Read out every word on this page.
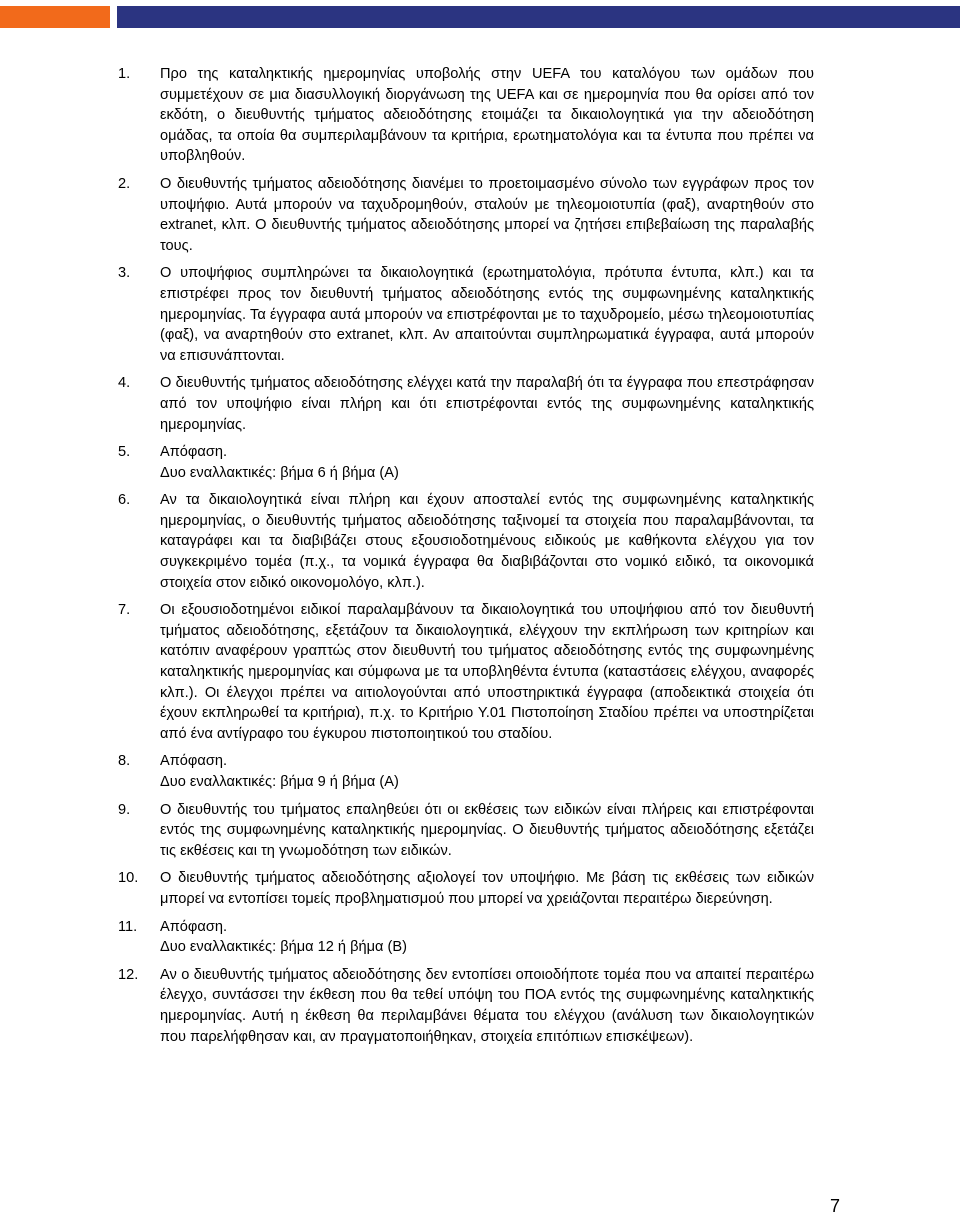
1.	Προ της καταληκτικής ημερομηνίας υποβολής στην UEFA του καταλόγου των ομάδων που συμμετέχουν σε μια διασυλλογική διοργάνωση της UEFA και σε ημερομηνία που θα ορίσει από τον εκδότη, ο διευθυντής τμήματος αδειοδότησης ετοιμάζει τα δικαιολογητικά για την αδειοδότηση ομάδας, τα οποία θα συμπεριλαμβάνουν τα κριτήρια, ερωτηματολόγια και τα έντυπα που πρέπει να υποβληθούν.
2.	Ο διευθυντής τμήματος αδειοδότησης διανέμει το προετοιμασμένο σύνολο των εγγράφων προς τον υποψήφιο. Αυτά μπορούν να ταχυδρομηθούν, σταλούν με τηλεομοιοτυπία (φαξ), αναρτηθούν στο extranet, κλπ. Ο διευθυντής τμήματος αδειοδότησης μπορεί να ζητήσει επιβεβαίωση της παραλαβής τους.
3.	Ο υποψήφιος συμπληρώνει τα δικαιολογητικά (ερωτηματολόγια, πρότυπα έντυπα, κλπ.) και τα επιστρέφει προς τον διευθυντή τμήματος αδειοδότησης εντός της συμφωνημένης καταληκτικής ημερομηνίας. Τα έγγραφα αυτά μπορούν να επιστρέφονται με το ταχυδρομείο, μέσω τηλεομοιοτυπίας (φαξ), να αναρτηθούν στο extranet, κλπ. Αν απαιτούνται συμπληρωματικά έγγραφα, αυτά μπορούν να επισυνάπτονται.
4.	Ο διευθυντής τμήματος αδειοδότησης ελέγχει κατά την παραλαβή ότι τα έγγραφα που επεστράφησαν από τον υποψήφιο είναι πλήρη και ότι επιστρέφονται εντός της συμφωνημένης καταληκτικής ημερομηνίας.
5.	Απόφαση.
Δυο εναλλακτικές: βήμα 6 ή βήμα (Α)
6.	Αν τα δικαιολογητικά είναι πλήρη και έχουν αποσταλεί εντός της συμφωνημένης καταληκτικής ημερομηνίας, ο διευθυντής τμήματος αδειοδότησης ταξινομεί τα στοιχεία που παραλαμβάνονται, τα καταγράφει και τα διαβιβάζει στους εξουσιοδοτημένους ειδικούς με καθήκοντα ελέγχου για τον συγκεκριμένο τομέα (π.χ., τα νομικά έγγραφα θα διαβιβάζονται στο νομικό ειδικό, τα οικονομικά στοιχεία στον ειδικό οικονομολόγο, κλπ.).
7.	Οι εξουσιοδοτημένοι ειδικοί παραλαμβάνουν τα δικαιολογητικά του υποψήφιου από τον διευθυντή τμήματος αδειοδότησης, εξετάζουν τα δικαιολογητικά, ελέγχουν την εκπλήρωση των κριτηρίων και κατόπιν αναφέρουν γραπτώς στον διευθυντή του τμήματος αδειοδότησης εντός της συμφωνημένης καταληκτικής ημερομηνίας και σύμφωνα με τα υποβληθέντα έντυπα (καταστάσεις ελέγχου, αναφορές κλπ.). Οι έλεγχοι πρέπει να αιτιολογούνται από υποστηρικτικά έγγραφα (αποδεικτικά στοιχεία ότι έχουν εκπληρωθεί τα κριτήρια), π.χ. το Κριτήριο Υ.01 Πιστοποίηση Σταδίου πρέπει να υποστηρίζεται από ένα αντίγραφο του έγκυρου πιστοποιητικού του σταδίου.
8.	Απόφαση.
Δυο εναλλακτικές: βήμα 9 ή βήμα (Α)
9.	Ο διευθυντής του τμήματος επαληθεύει ότι οι εκθέσεις των ειδικών είναι πλήρεις και επιστρέφονται εντός της συμφωνημένης καταληκτικής ημερομηνίας. Ο διευθυντής τμήματος αδειοδότησης εξετάζει τις εκθέσεις και τη γνωμοδότηση των ειδικών.
10.	Ο διευθυντής τμήματος αδειοδότησης αξιολογεί τον υποψήφιο. Με βάση τις εκθέσεις των ειδικών μπορεί να εντοπίσει τομείς προβληματισμού που μπορεί να χρειάζονται περαιτέρω διερεύνηση.
11.	Απόφαση.
Δυο εναλλακτικές: βήμα 12 ή βήμα (Β)
12.	Αν ο διευθυντής τμήματος αδειοδότησης δεν εντοπίσει οποιοδήποτε τομέα που να απαιτεί περαιτέρω έλεγχο, συντάσσει την έκθεση που θα τεθεί υπόψη του ΠΟΑ εντός της συμφωνημένης καταληκτικής ημερομηνίας. Αυτή η έκθεση θα περιλαμβάνει θέματα του ελέγχου (ανάλυση των δικαιολογητικών που παρελήφθησαν και, αν πραγματοποιήθηκαν, στοιχεία επιτόπιων επισκέψεων).
7
